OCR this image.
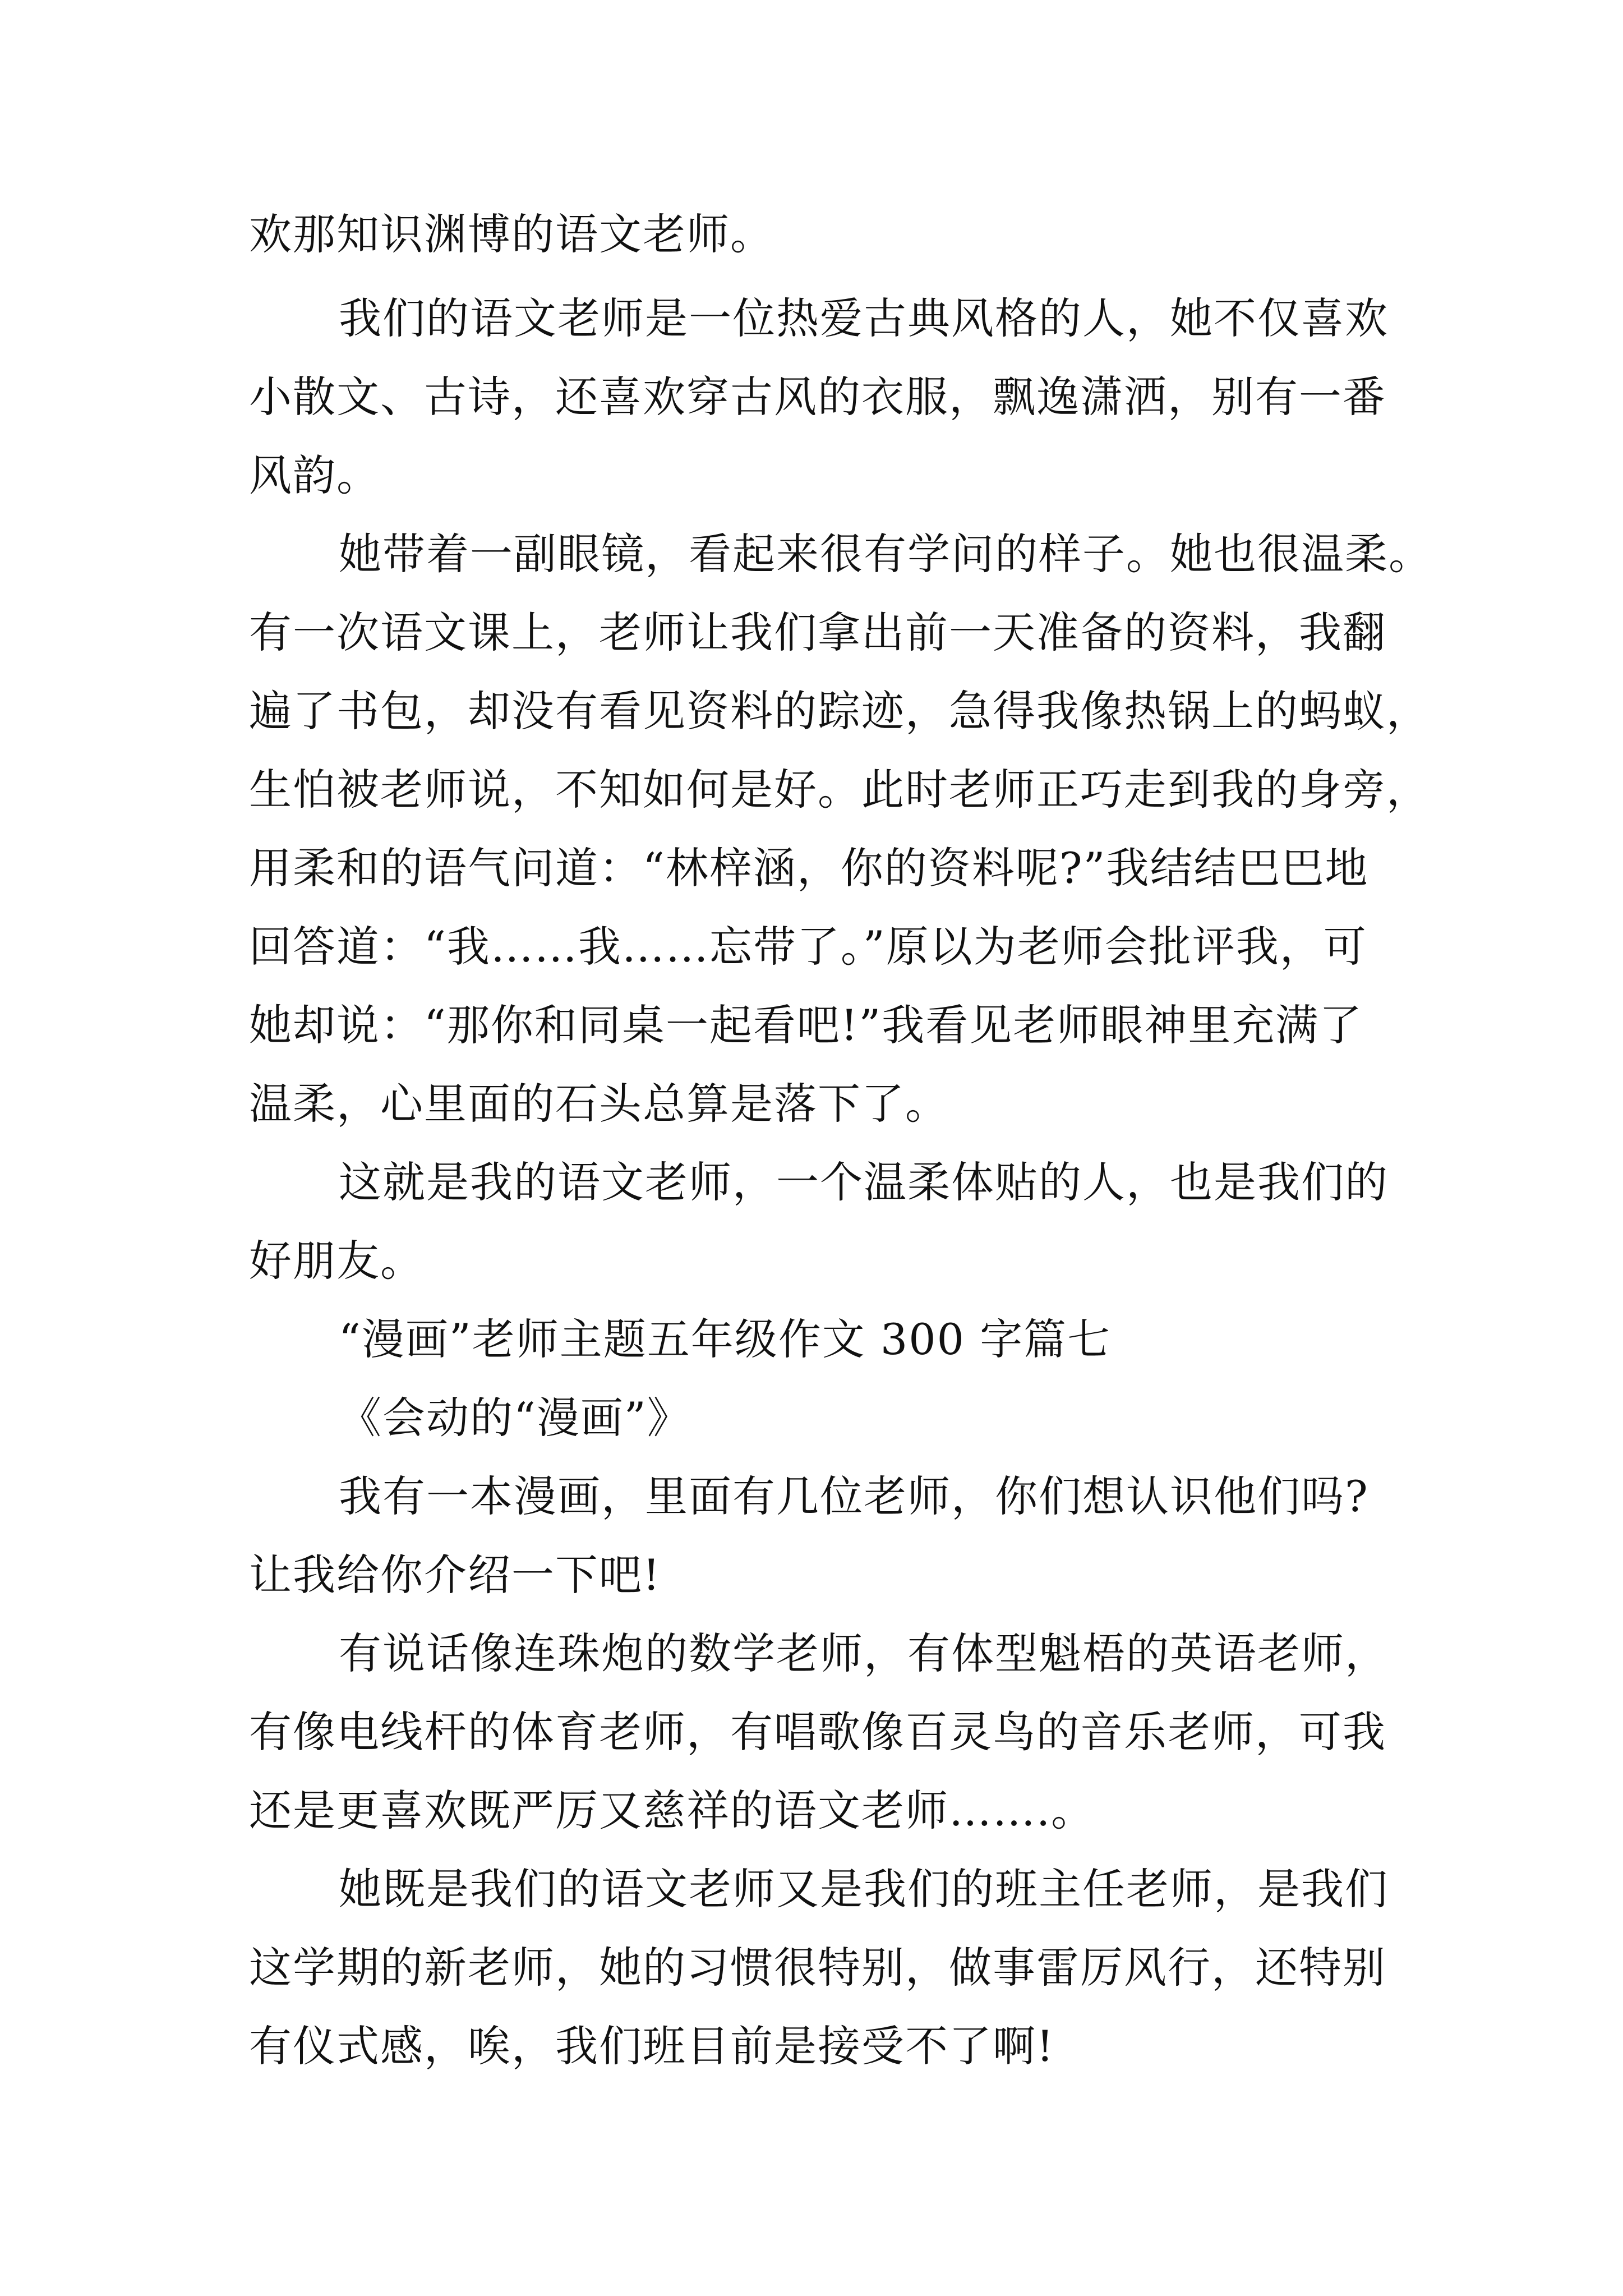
欢那知识渊博的语文老师。
我们的语文老师是一位热爱古典风格的人，她不仅喜欢
小散文、古诗，还喜欢穿古风的衣服，飘逸潇洒，别有一番
风韵。
她带着一副眼镜，看起来很有学问的样子。她也很温柔。
有一次语文课上，老师让我们拿出前一天准备的资料，我翻
遍了书包，却没有看见资料的踪迹，急得我像热锅上的蚂蚁，
生怕被老师说，不知如何是好。此时老师正巧走到我的身旁，
用柔和的语气问道：“林梓涵，你的资料呢?”我结结巴巴地
回答道：“我……我……忘带了。”原以为老师会批评我，可
她却说：“那你和同桌一起看吧!”我看见老师眼神里充满了
温柔，心里面的石头总算是落下了。
这就是我的语文老师，一个温柔体贴的人，也是我们的
好朋友。
“漫画”老师主题五年级作文 300 字篇七
《会动的“漫画”》
我有一本漫画，里面有几位老师，你们想认识他们吗?
让我给你介绍一下吧!
有说话像连珠炮的数学老师，有体型魁梧的英语老师，
有像电线杆的体育老师，有唱歌像百灵鸟的音乐老师，可我
还是更喜欢既严厉又慈祥的语文老师…….。
她既是我们的语文老师又是我们的班主任老师，是我们
这学期的新老师，她的习惯很特别，做事雷厉风行，还特别
有仪式感，唉，我们班目前是接受不了啊!
